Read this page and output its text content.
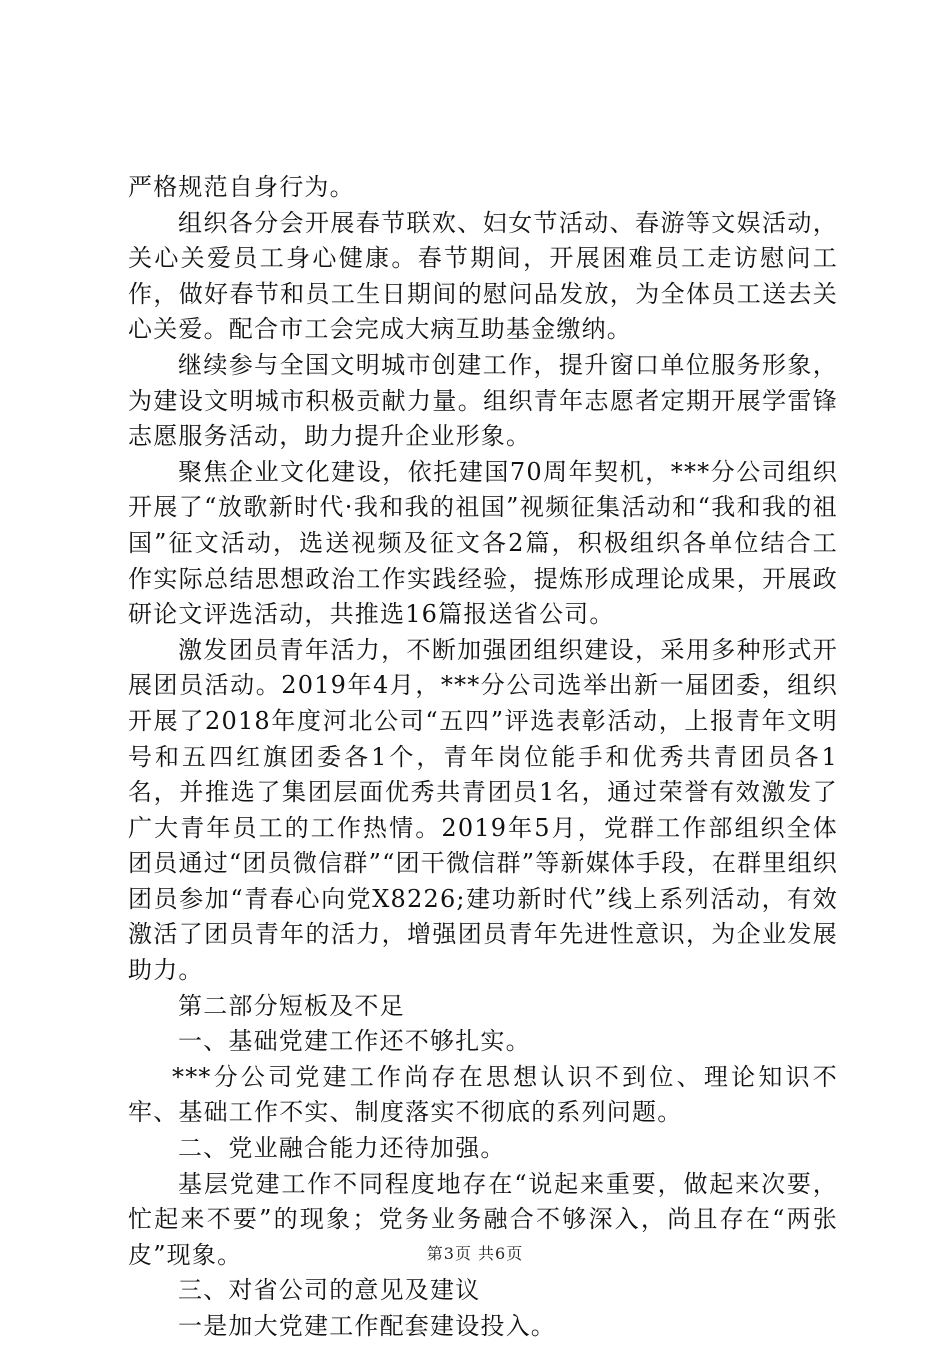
严格规范自身行为。

组织各分会开展春节联欢、妇女节活动、春游等文娱活动，关心关爱员工身心健康。春节期间，开展困难员工走访慰问工作，做好春节和员工生日期间的慰问品发放，为全体员工送去关心关爱。配合市工会完成大病互助基金缴纳。

继续参与全国文明城市创建工作，提升窗口单位服务形象，为建设文明城市积极贡献力量。组织青年志愿者定期开展学雷锋志愿服务活动，助力提升企业形象。

聚焦企业文化建设，依托建国70周年契机，***分公司组织开展了“放歌新时代·我和我的祖国”视频征集活动和“我和我的祖国”征文活动，选送视频及征文各2篇，积极组织各单位结合工作实际总结思想政治工作实践经验，提炼形成理论成果，开展政研论文评选活动，共推选16篇报送省公司。

激发团员青年活力，不断加强团组织建设，采用多种形式开展团员活动。2019年4月，***分公司选举出新一届团委，组织开展了2018年度河北公司“五四”评选表彰活动，上报青年文明号和五四红旗团委各1个，青年岗位能手和优秀共青团员各1名，并推选了集团层面优秀共青团员1名，通过荣誉有效激发了广大青年员工的工作热情。2019年5月，党群工作部组织全体团员通过“团员微信群”“团干微信群”等新媒体手段，在群里组织团员参加“青春心向党X8226;建功新时代”线上系列活动，有效激活了团员青年的活力，增强团员青年先进性意识，为企业发展助力。

第二部分短板及不足

一、基础党建工作还不够扎实。

***分公司党建工作尚存在思想认识不到位、理论知识不牢、基础工作不实、制度落实不彻底的系列问题。

二、党业融合能力还待加强。

基层党建工作不同程度地存在“说起来重要，做起来次要，忙起来不要”的现象；党务业务融合不够深入，尚且存在“两张皮”现象。

三、对省公司的意见及建议

一是加大党建工作配套建设投入。

第3页 共6页
